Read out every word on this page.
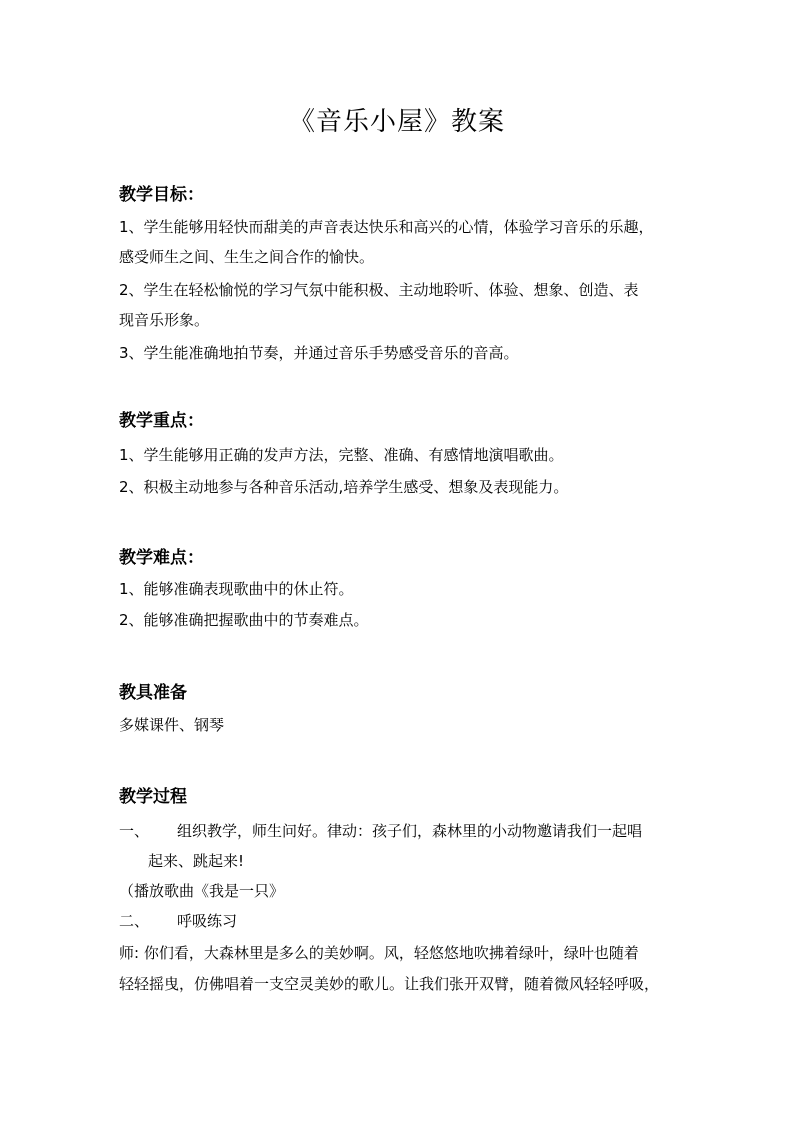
《音乐小屋》教案
教学目标：
1、学生能够用轻快而甜美的声音表达快乐和高兴的心情，体验学习音乐的乐趣，
感受师生之间、生生之间合作的愉快。
2、学生在轻松愉悦的学习气氛中能积极、主动地聆听、体验、想象、创造、表
现音乐形象。
3、学生能准确地拍节奏，并通过音乐手势感受音乐的音高。
教学重点：
1、学生能够用正确的发声方法，完整、准确、有感情地演唱歌曲。
2、积极主动地参与各种音乐活动,培养学生感受、想象及表现能力。
教学难点：
1、能够准确表现歌曲中的休止符。
2、能够准确把握歌曲中的节奏难点。
教具准备
多媒课件、钢琴
教学过程
一、 组织教学，师生问好。律动：孩子们，森林里的小动物邀请我们一起唱
起来、跳起来!
（播放歌曲《我是一只》
二、 呼吸练习
师: 你们看，大森林里是多么的美妙啊。风，轻悠悠地吹拂着绿叶，绿叶也随着
轻轻摇曳，仿佛唱着一支空灵美妙的歌儿。让我们张开双臂，随着微风轻轻呼吸，
